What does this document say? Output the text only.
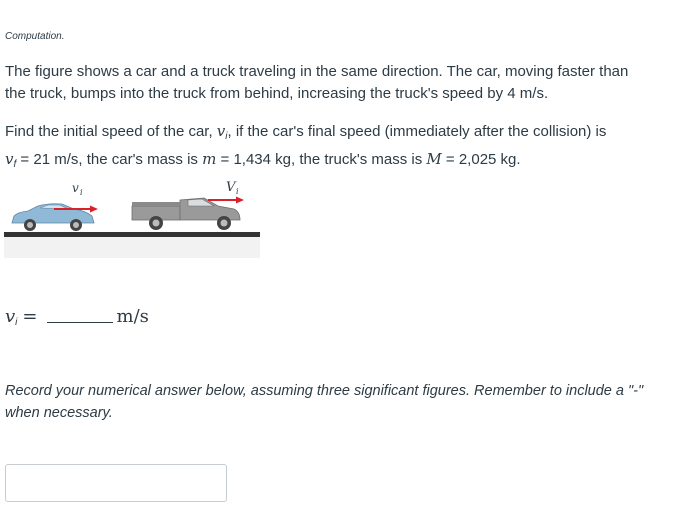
Computation.
The figure shows a car and a truck traveling in the same direction. The car, moving faster than
the truck, bumps into the truck from behind, increasing the truck's speed by 4 m/s.
Find the initial speed of the car, $v_i$, if the car's final speed (immediately after the collision) is
$v_f = 21$ m/s, the car's mass is m = 1,434 kg, the truck's mass is M = 2,025 kg.
v i	V i
$v_i$ =	m/s
Record your numerical answer below, assuming three significant figures. Remember to include a "-"
when necessary.
